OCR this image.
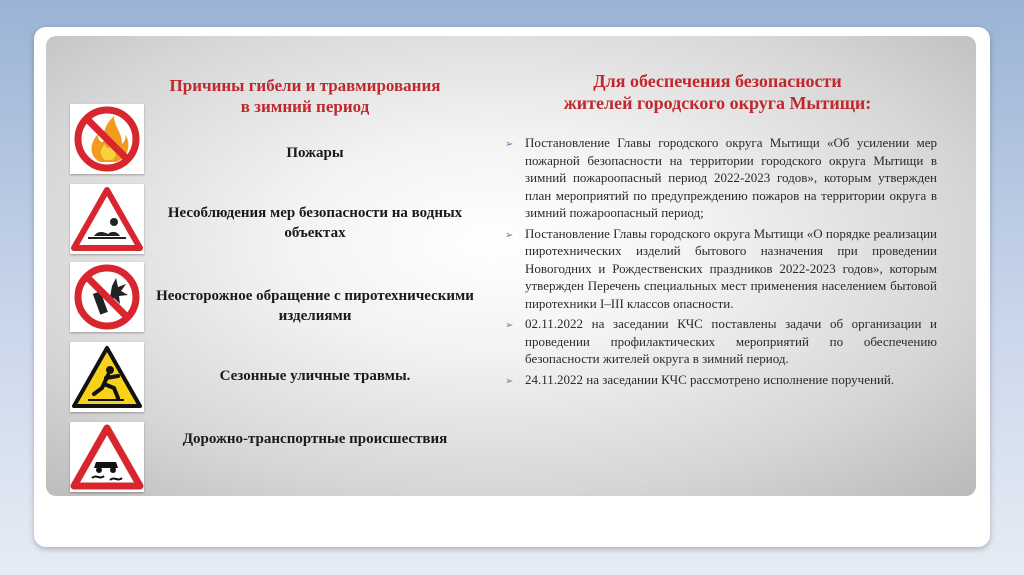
Причины гибели и травмирования
в зимний период
Пожары
Несоблюдения мер безопасности на водных объектах
Неосторожное обращение с пиротехническими изделиями
Сезонные уличные травмы.
Дорожно-транспортные происшествия
Для обеспечения безопасности
жителей городского округа Мытищи:
➢ Постановление Главы городского округа Мытищи «Об усилении мер пожарной безопасности на территории городского округа Мытищи в зимний пожароопасный период 2022-2023 годов», которым утвержден план мероприятий по предупреждению пожаров на территории округа в зимний пожароопасный период;
➢ Постановление Главы городского округа Мытищи «О порядке реализации пиротехнических изделий бытового назначения при проведении Новогодних и Рождественских праздников 2022-2023 годов», которым утвержден Перечень специальных мест применения населением бытовой пиротехники I–III классов опасности.
➢ 02.11.2022 на заседании КЧС поставлены задачи об организации и проведении профилактических мероприятий по обеспечению безопасности жителей округа в зимний период.
➢ 24.11.2022 на заседании КЧС рассмотрено исполнение поручений.
